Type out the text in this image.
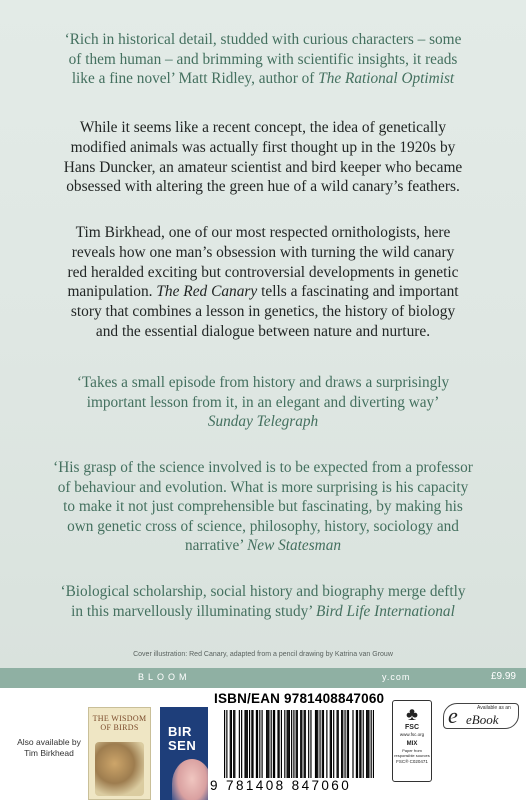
‘Rich in historical detail, studded with curious characters – some
of them human – and brimming with scientific insights, it reads
like a fine novel’ Matt Ridley, author of The Rational Optimist
While it seems like a recent concept, the idea of genetically
modified animals was actually first thought up in the 1920s by
Hans Duncker, an amateur scientist and bird keeper who became
obsessed with altering the green hue of a wild canary’s feathers.
Tim Birkhead, one of our most respected ornithologists, here
reveals how one man’s obsession with turning the wild canary
red heralded exciting but controversial developments in genetic
manipulation. The Red Canary tells a fascinating and important
story that combines a lesson in genetics, the history of biology
and the essential dialogue between nature and nurture.
‘Takes a small episode from history and draws a surprisingly
important lesson from it, in an elegant and diverting way’
Sunday Telegraph
‘His grasp of the science involved is to be expected from a professor
of behaviour and evolution. What is more surprising is his capacity
to make it not just comprehensible but fascinating, by making his
own genetic cross of science, philosophy, history, sociology and
narrative’ New Statesman
‘Biological scholarship, social history and biography merge deftly
in this marvellously illuminating study’ Bird Life International
Cover illustration: Red Canary, adapted from a pencil drawing by Katrina van Grouw
BLOOM	y.com	£9.99
Also available by
Tim Birkhead
THE WISDOM
OF BIRDS	BIR
SEN
ISBN/EAN 9781408847060
9 781408 847060
♣
FSC
www.fsc.org
MIX
Paper from
responsible sources
FSC® C020471
Available as an
e eBook
